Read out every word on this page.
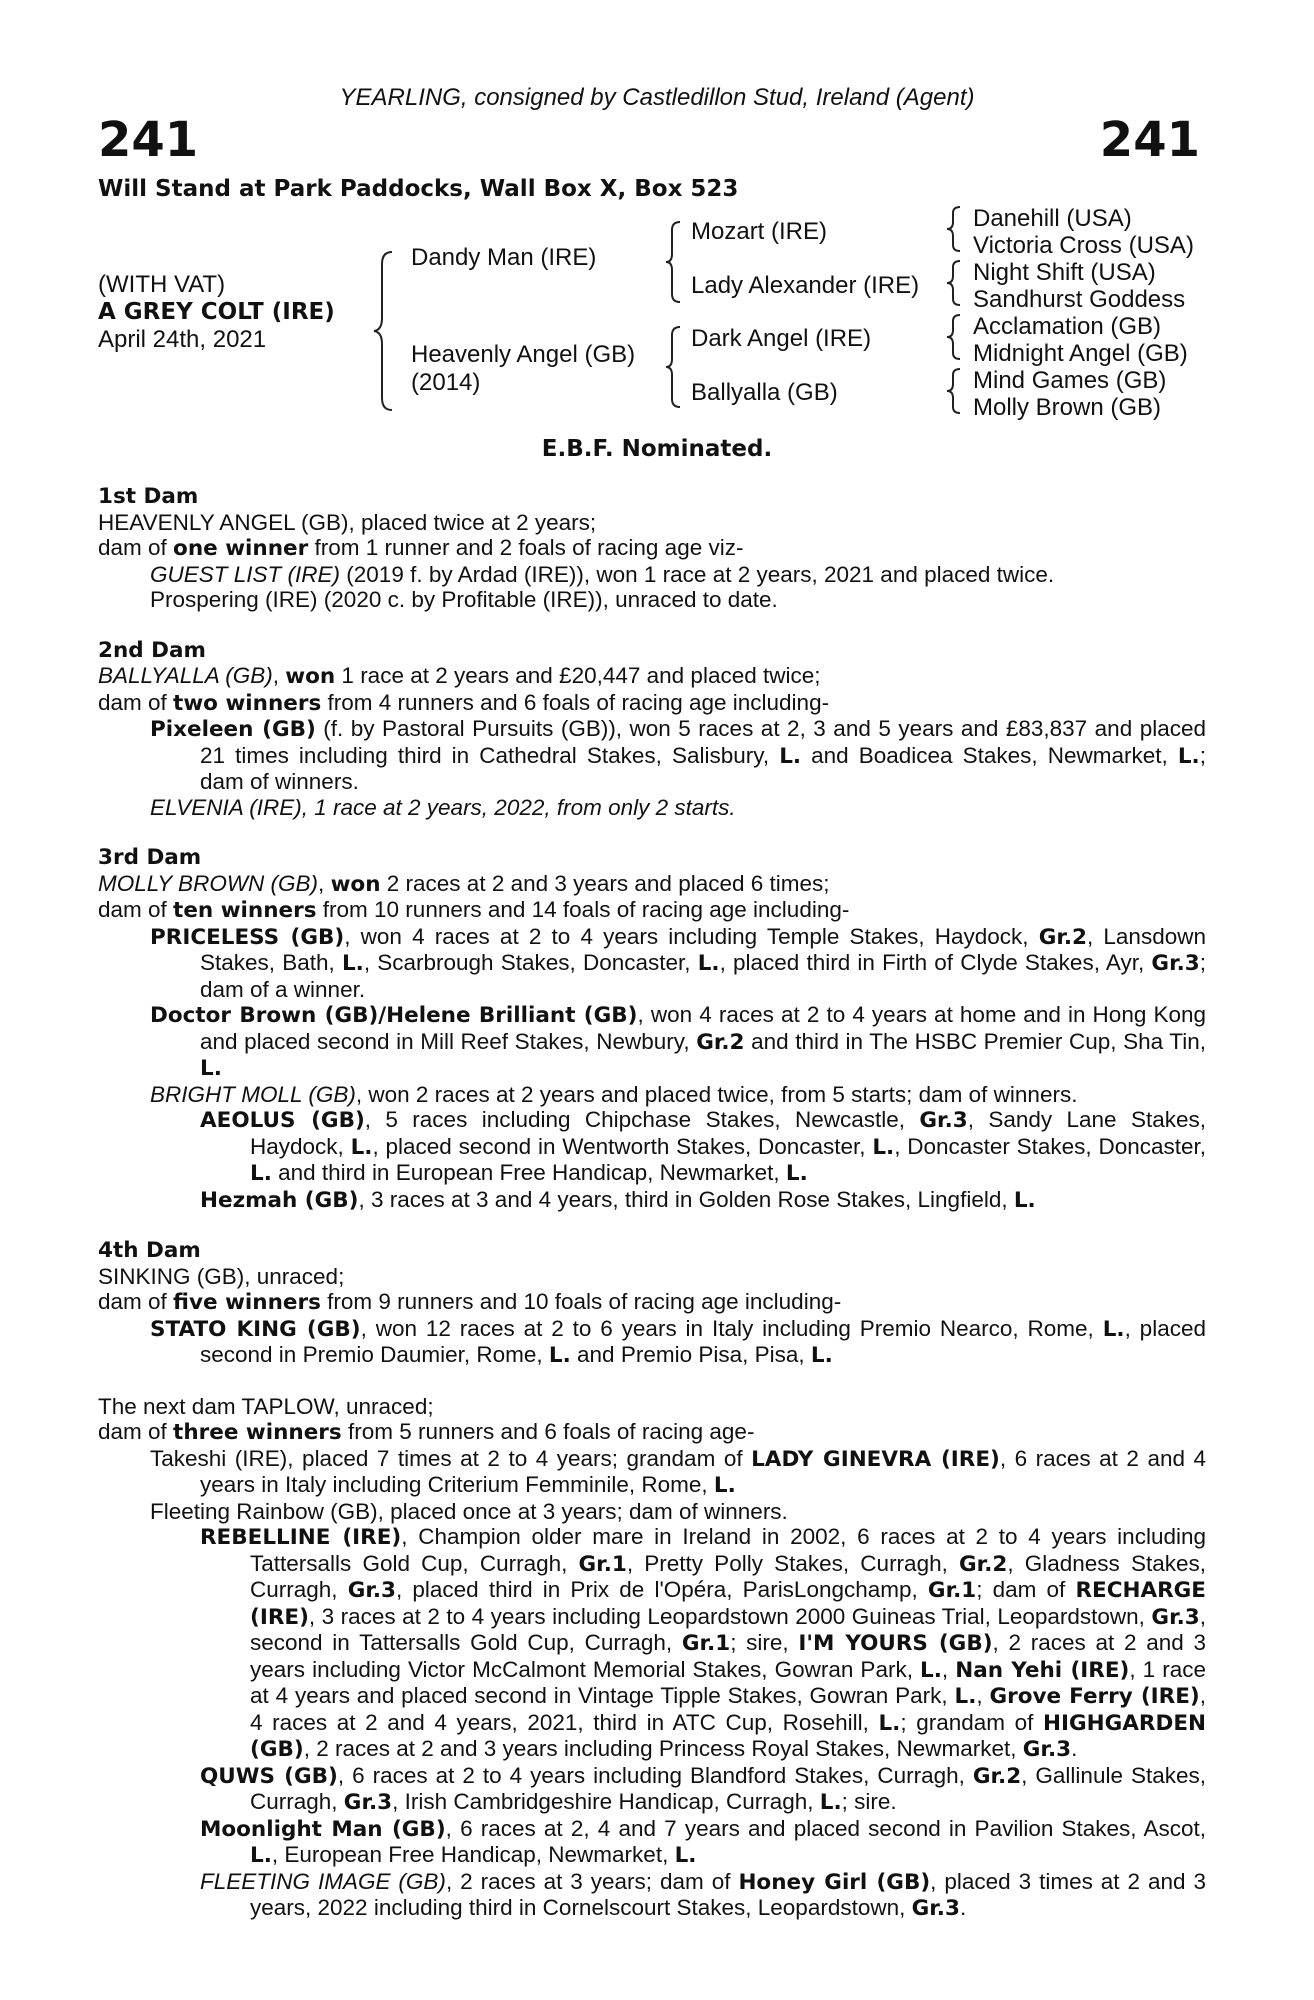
YEARLING, consigned by Castledillon Stud, Ireland (Agent)
241	241
Will Stand at Park Paddocks, Wall Box X, Box 523
(WITH VAT)
A GREY COLT (IRE)
April 24th, 2021
Dandy Man (IRE)
Heavenly Angel (GB)
(2014)
Mozart (IRE)
Lady Alexander (IRE)
Dark Angel (IRE)
Ballyalla (GB)
Danehill (USA)
Victoria Cross (USA)
Night Shift (USA)
Sandhurst Goddess
Acclamation (GB)
Midnight Angel (GB)
Mind Games (GB)
Molly Brown (GB)
E.B.F. Nominated.

1st Dam

HEAVENLY ANGEL (GB), placed twice at 2 years;

dam of one winner from 1 runner and 2 foals of racing age viz-

GUEST LIST (IRE) (2019 f. by Ardad (IRE)), won 1 race at 2 years, 2021 and placed twice.

Prospering (IRE) (2020 c. by Profitable (IRE)), unraced to date.

2nd Dam

BALLYALLA (GB), won 1 race at 2 years and £20,447 and placed twice;

dam of two winners from 4 runners and 6 foals of racing age including-

Pixeleen (GB) (f. by Pastoral Pursuits (GB)), won 5 races at 2, 3 and 5 years and £83,837 and placed 21 times including third in Cathedral Stakes, Salisbury, L. and Boadicea Stakes, Newmarket, L.; dam of winners.

ELVENIA (IRE), 1 race at 2 years, 2022, from only 2 starts.

3rd Dam

MOLLY BROWN (GB), won 2 races at 2 and 3 years and placed 6 times;

dam of ten winners from 10 runners and 14 foals of racing age including-

PRICELESS (GB), won 4 races at 2 to 4 years including Temple Stakes, Haydock, Gr.2, Lansdown Stakes, Bath, L., Scarbrough Stakes, Doncaster, L., placed third in Firth of Clyde Stakes, Ayr, Gr.3; dam of a winner.

Doctor Brown (GB)/Helene Brilliant (GB), won 4 races at 2 to 4 years at home and in Hong Kong and placed second in Mill Reef Stakes, Newbury, Gr.2 and third in The HSBC Premier Cup, Sha Tin, L.

BRIGHT MOLL (GB), won 2 races at 2 years and placed twice, from 5 starts; dam of winners.

AEOLUS (GB), 5 races including Chipchase Stakes, Newcastle, Gr.3, Sandy Lane Stakes, Haydock, L., placed second in Wentworth Stakes, Doncaster, L., Doncaster Stakes, Doncaster, L. and third in European Free Handicap, Newmarket, L.

Hezmah (GB), 3 races at 3 and 4 years, third in Golden Rose Stakes, Lingfield, L.

4th Dam

SINKING (GB), unraced;

dam of five winners from 9 runners and 10 foals of racing age including-

STATO KING (GB), won 12 races at 2 to 6 years in Italy including Premio Nearco, Rome, L., placed second in Premio Daumier, Rome, L. and Premio Pisa, Pisa, L.

The next dam TAPLOW, unraced;

dam of three winners from 5 runners and 6 foals of racing age-

Takeshi (IRE), placed 7 times at 2 to 4 years; grandam of LADY GINEVRA (IRE), 6 races at 2 and 4 years in Italy including Criterium Femminile, Rome, L.

Fleeting Rainbow (GB), placed once at 3 years; dam of winners.

REBELLINE (IRE), Champion older mare in Ireland in 2002, 6 races at 2 to 4 years including Tattersalls Gold Cup, Curragh, Gr.1, Pretty Polly Stakes, Curragh, Gr.2, Gladness Stakes, Curragh, Gr.3, placed third in Prix de l'Opéra, ParisLongchamp, Gr.1; dam of RECHARGE (IRE), 3 races at 2 to 4 years including Leopardstown 2000 Guineas Trial, Leopardstown, Gr.3, second in Tattersalls Gold Cup, Curragh, Gr.1; sire, I'M YOURS (GB), 2 races at 2 and 3 years including Victor McCalmont Memorial Stakes, Gowran Park, L., Nan Yehi (IRE), 1 race at 4 years and placed second in Vintage Tipple Stakes, Gowran Park, L., Grove Ferry (IRE), 4 races at 2 and 4 years, 2021, third in ATC Cup, Rosehill, L.; grandam of HIGHGARDEN (GB), 2 races at 2 and 3 years including Princess Royal Stakes, Newmarket, Gr.3.

QUWS (GB), 6 races at 2 to 4 years including Blandford Stakes, Curragh, Gr.2, Gallinule Stakes, Curragh, Gr.3, Irish Cambridgeshire Handicap, Curragh, L.; sire.

Moonlight Man (GB), 6 races at 2, 4 and 7 years and placed second in Pavilion Stakes, Ascot, L., European Free Handicap, Newmarket, L.

FLEETING IMAGE (GB), 2 races at 3 years; dam of Honey Girl (GB), placed 3 times at 2 and 3 years, 2022 including third in Cornelscourt Stakes, Leopardstown, Gr.3.
